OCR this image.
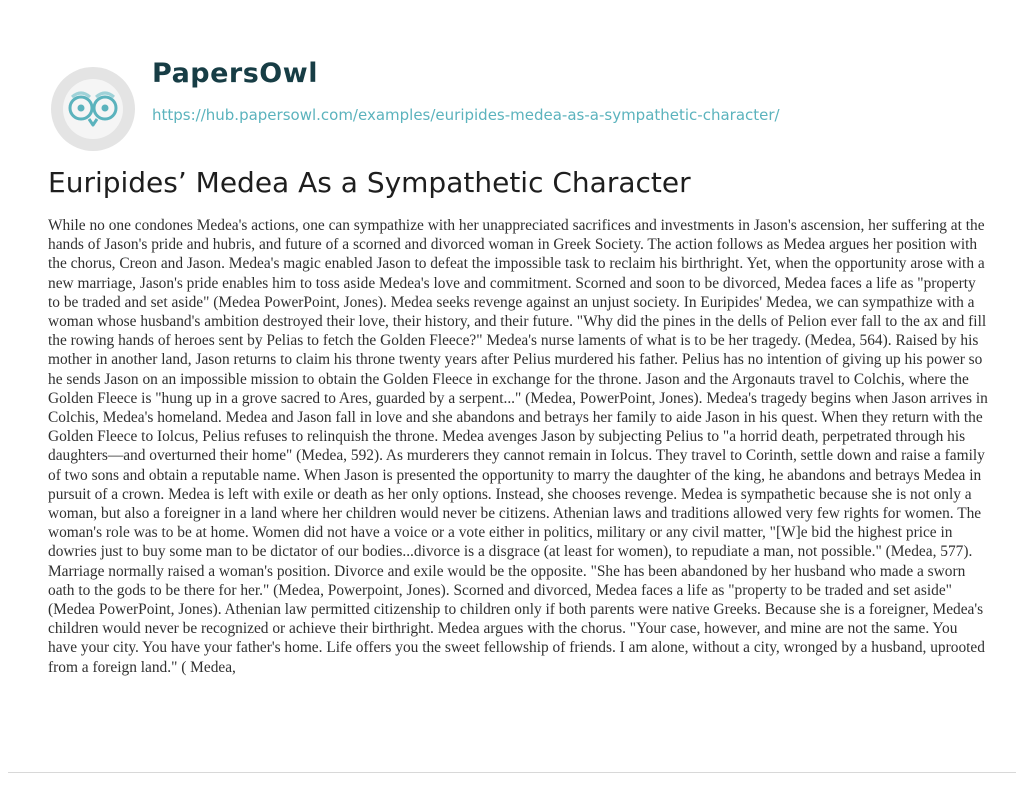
PapersOwl
https://hub.papersowl.com/examples/euripides-medea-as-a-sympathetic-character/
Euripides’ Medea As a Sympathetic Character

While no one condones Medea's actions, one can sympathize with her unappreciated sacrifices and investments in Jason's ascension, her suffering at the hands of Jason's pride and hubris, and future of a scorned and divorced woman in Greek Society. The action follows as Medea argues her position with the chorus, Creon and Jason. Medea's magic enabled Jason to defeat the impossible task to reclaim his birthright. Yet, when the opportunity arose with a new marriage, Jason's pride enables him to toss aside Medea's love and commitment. Scorned and soon to be divorced, Medea faces a life as "property to be traded and set aside" (Medea PowerPoint, Jones). Medea seeks revenge against an unjust society. In Euripides' Medea, we can sympathize with a woman whose husband's ambition destroyed their love, their history, and their future. "Why did the pines in the dells of Pelion ever fall to the ax and fill the rowing hands of heroes sent by Pelias to fetch the Golden Fleece?" Medea's nurse laments of what is to be her tragedy. (Medea, 564). Raised by his mother in another land, Jason returns to claim his throne twenty years after Pelius murdered his father. Pelius has no intention of giving up his power so he sends Jason on an impossible mission to obtain the Golden Fleece in exchange for the throne. Jason and the Argonauts travel to Colchis, where the Golden Fleece is "hung up in a grove sacred to Ares, guarded by a serpent..." (Medea, PowerPoint, Jones). Medea's tragedy begins when Jason arrives in Colchis, Medea's homeland. Medea and Jason fall in love and she abandons and betrays her family to aide Jason in his quest. When they return with the Golden Fleece to Iolcus, Pelius refuses to relinquish the throne. Medea avenges Jason by subjecting Pelius to "a horrid death, perpetrated through his daughters—and overturned their home" (Medea, 592). As murderers they cannot remain in Iolcus. They travel to Corinth, settle down and raise a family of two sons and obtain a reputable name. When Jason is presented the opportunity to marry the daughter of the king, he abandons and betrays Medea in pursuit of a crown. Medea is left with exile or death as her only options. Instead, she chooses revenge. Medea is sympathetic because she is not only a woman, but also a foreigner in a land where her children would never be citizens. Athenian laws and traditions allowed very few rights for women. The woman's role was to be at home. Women did not have a voice or a vote either in politics, military or any civil matter, "[W]e bid the highest price in dowries just to buy some man to be dictator of our bodies...divorce is a disgrace (at least for women), to repudiate a man, not possible." (Medea, 577). Marriage normally raised a woman's position. Divorce and exile would be the opposite. "She has been abandoned by her husband who made a sworn oath to the gods to be there for her." (Medea, Powerpoint, Jones). Scorned and divorced, Medea faces a life as "property to be traded and set aside" (Medea PowerPoint, Jones). Athenian law permitted citizenship to children only if both parents were native Greeks. Because she is a foreigner, Medea's children would never be recognized or achieve their birthright. Medea argues with the chorus. "Your case, however, and mine are not the same. You have your city. You have your father's home. Life offers you the sweet fellowship of friends. I am alone, without a city, wronged by a husband, uprooted from a foreign land." ( Medea,
